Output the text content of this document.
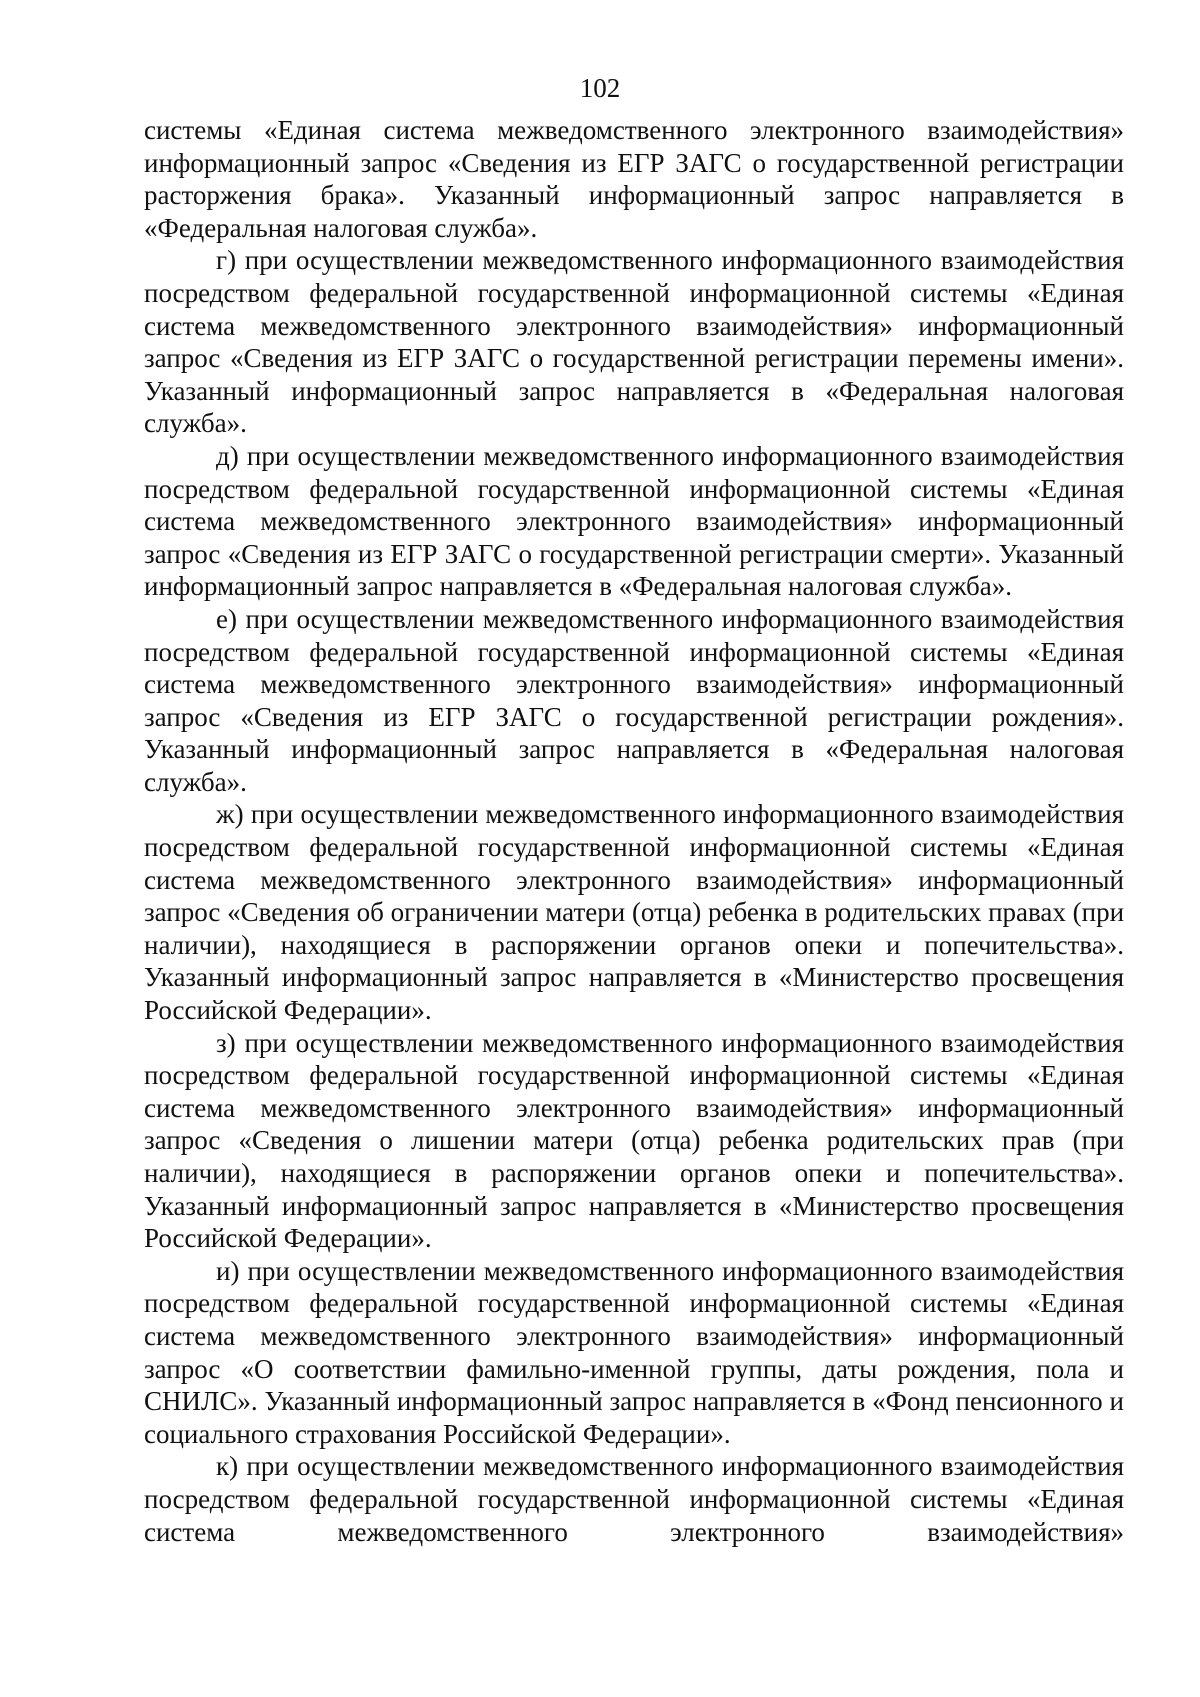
102

системы «Единая система межведомственного электронного взаимодействия» информационный запрос «Сведения из ЕГР ЗАГС о государственной регистрации расторжения брака». Указанный информационный запрос направляется в «Федеральная налоговая служба».

г) при осуществлении межведомственного информационного взаимодействия посредством федеральной государственной информационной системы «Единая система межведомственного электронного взаимодействия» информационный запрос «Сведения из ЕГР ЗАГС о государственной регистрации перемены имени». Указанный информационный запрос направляется в «Федеральная налоговая служба».

д) при осуществлении межведомственного информационного взаимодействия посредством федеральной государственной информационной системы «Единая система межведомственного электронного взаимодействия» информационный запрос «Сведения из ЕГР ЗАГС о государственной регистрации смерти». Указанный информационный запрос направляется в «Федеральная налоговая служба».

е) при осуществлении межведомственного информационного взаимодействия посредством федеральной государственной информационной системы «Единая система межведомственного электронного взаимодействия» информационный запрос «Сведения из ЕГР ЗАГС о государственной регистрации рождения». Указанный информационный запрос направляется в «Федеральная налоговая служба».

ж) при осуществлении межведомственного информационного взаимодействия посредством федеральной государственной информационной системы «Единая система межведомственного электронного взаимодействия» информационный запрос «Сведения об ограничении матери (отца) ребенка в родительских правах (при наличии), находящиеся в распоряжении органов опеки и попечительства». Указанный информационный запрос направляется в «Министерство просвещения Российской Федерации».

з) при осуществлении межведомственного информационного взаимодействия посредством федеральной государственной информационной системы «Единая система межведомственного электронного взаимодействия» информационный запрос «Сведения о лишении матери (отца) ребенка родительских прав (при наличии), находящиеся в распоряжении органов опеки и попечительства». Указанный информационный запрос направляется в «Министерство просвещения Российской Федерации».

и) при осуществлении межведомственного информационного взаимодействия посредством федеральной государственной информационной системы «Единая система межведомственного электронного взаимодействия» информационный запрос «О соответствии фамильно-именной группы, даты рождения, пола и СНИЛС». Указанный информационный запрос направляется в «Фонд пенсионного и социального страхования Российской Федерации».

к) при осуществлении межведомственного информационного взаимодействия посредством федеральной государственной информационной системы «Единая система межведомственного электронного взаимодействия»
